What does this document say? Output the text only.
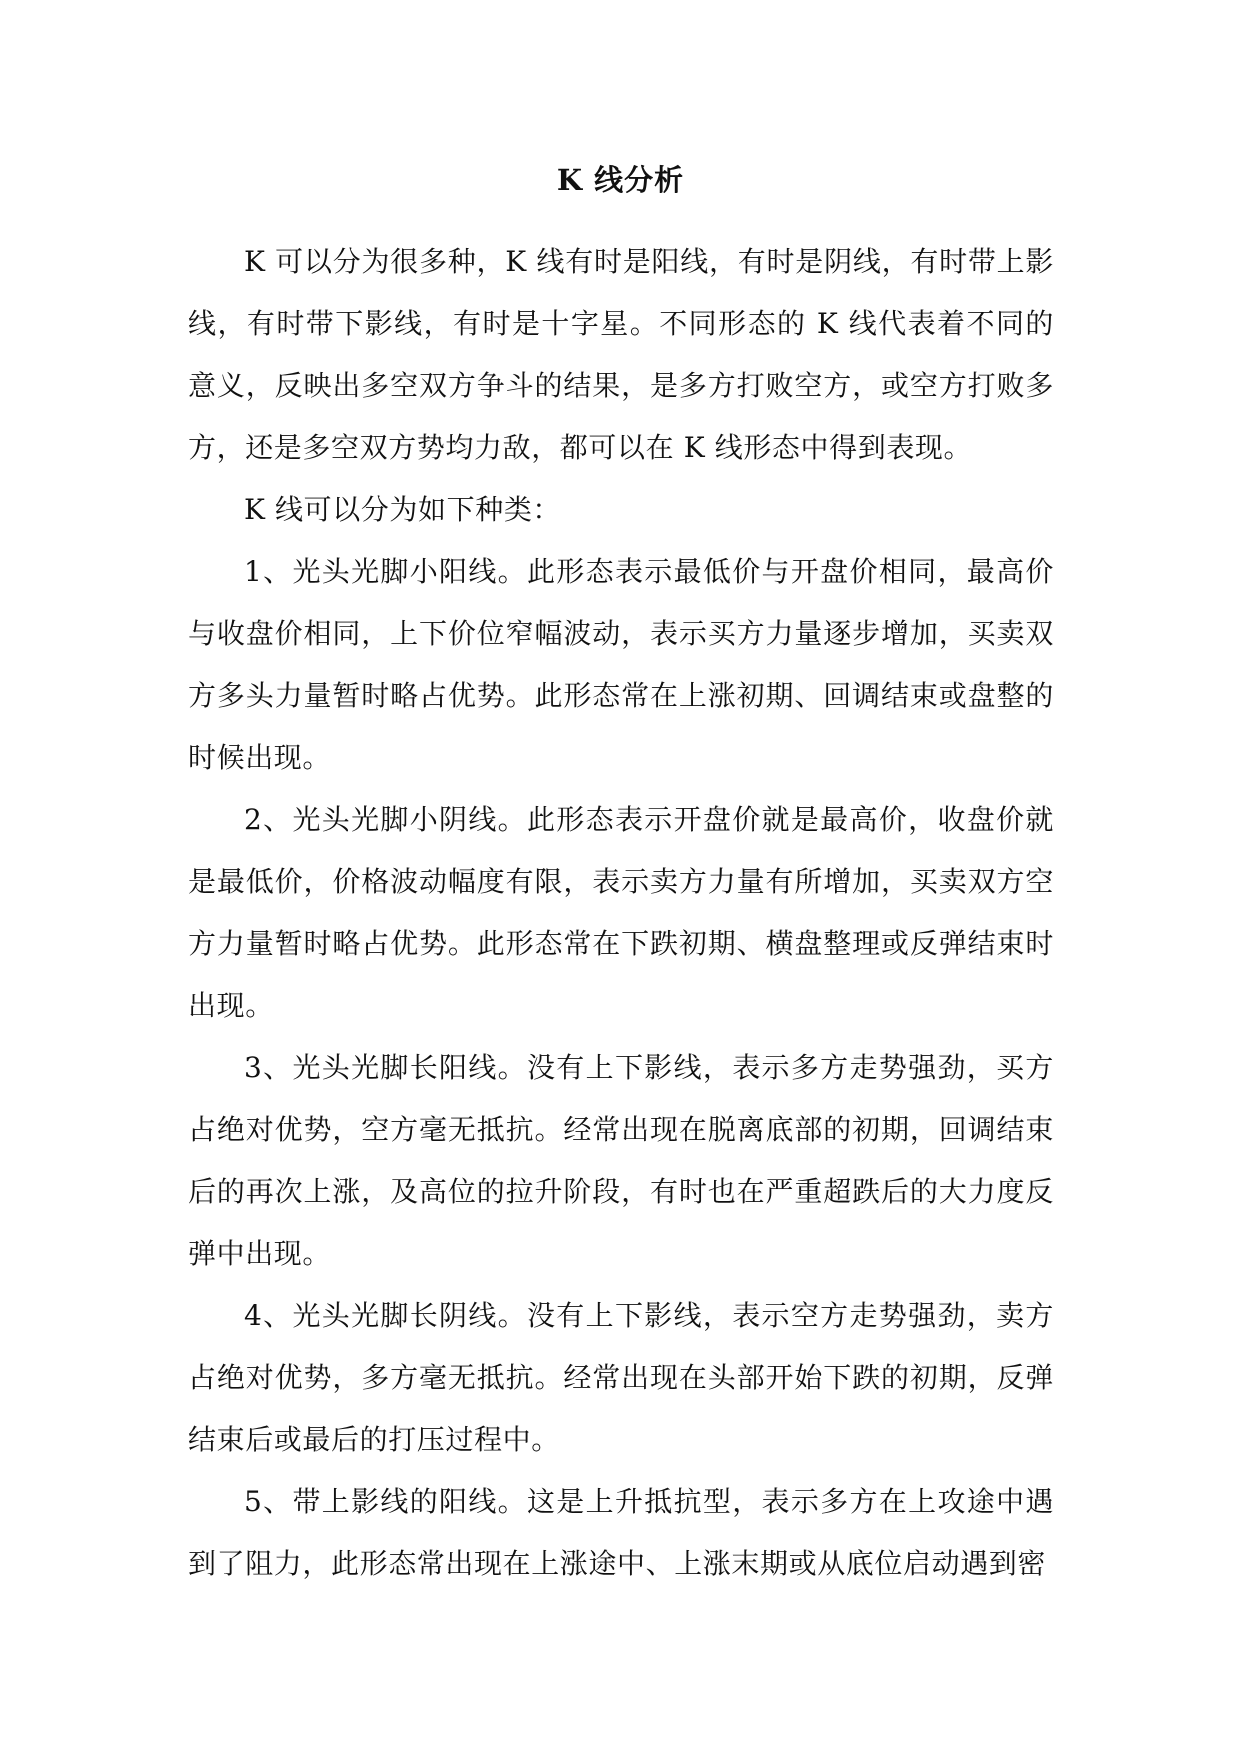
K 线分析

K 可以分为很多种，K 线有时是阳线，有时是阴线，有时带上影线，有时带下影线，有时是十字星。不同形态的 K 线代表着不同的意义，反映出多空双方争斗的结果，是多方打败空方，或空方打败多方，还是多空双方势均力敌，都可以在 K 线形态中得到表现。

K 线可以分为如下种类：

1、光头光脚小阳线。此形态表示最低价与开盘价相同，最高价与收盘价相同，上下价位窄幅波动，表示买方力量逐步增加，买卖双方多头力量暂时略占优势。此形态常在上涨初期、回调结束或盘整的时候出现。

2、光头光脚小阴线。此形态表示开盘价就是最高价，收盘价就是最低价，价格波动幅度有限，表示卖方力量有所增加，买卖双方空方力量暂时略占优势。此形态常在下跌初期、横盘整理或反弹结束时出现。

3、光头光脚长阳线。没有上下影线，表示多方走势强劲，买方占绝对优势，空方毫无抵抗。经常出现在脱离底部的初期，回调结束后的再次上涨，及高位的拉升阶段，有时也在严重超跌后的大力度反弹中出现。

4、光头光脚长阴线。没有上下影线，表示空方走势强劲，卖方占绝对优势，多方毫无抵抗。经常出现在头部开始下跌的初期，反弹结束后或最后的打压过程中。

5、带上影线的阳线。这是上升抵抗型，表示多方在上攻途中遇到了阻力，此形态常出现在上涨途中、上涨末期或从底位启动遇到密
